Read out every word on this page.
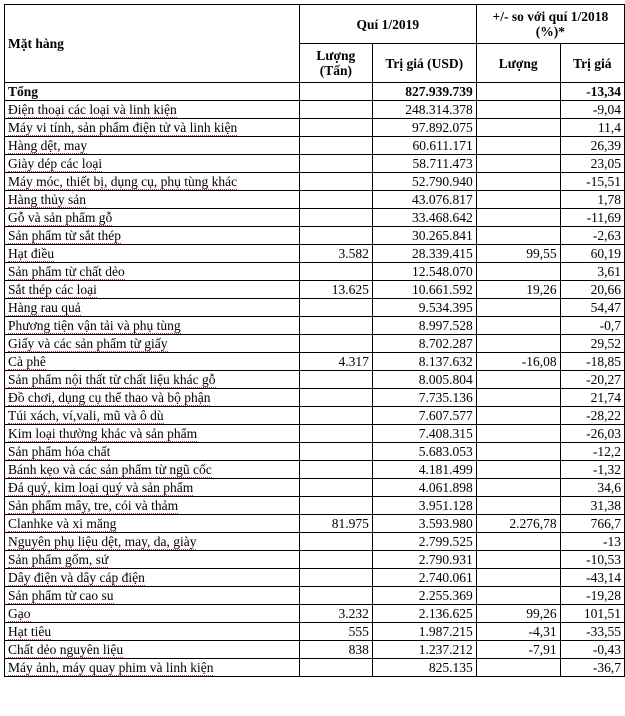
Mặt hàng	Quí 1/2019		+/- so với quí 1/2018 (%)*	
	Lượng (Tấn)	Trị giá (USD)	Lượng	Trị giá
Tổng		827.939.739		-13,34
Điện thoại các loại và linh kiện		248.314.378		-9,04
Máy vi tính, sản phẩm điện tử và linh kiện		97.892.075		11,4
Hàng dệt, may		60.611.171		26,39
Giày dép các loại		58.711.473		23,05
Máy móc, thiết bị, dụng cụ, phụ tùng khác		52.790.940		-15,51
Hàng thủy sản		43.076.817		1,78
Gỗ và sản phẩm gỗ		33.468.642		-11,69
Sản phẩm từ sắt thép		30.265.841		-2,63
Hạt điều	3.582	28.339.415	99,55	60,19
Sản phẩm từ chất dẻo		12.548.070		3,61
Sắt thép các loại	13.625	10.661.592	19,26	20,66
Hàng rau quả		9.534.395		54,47
Phương tiện vận tải và phụ tùng		8.997.528		-0,7
Giấy và các sản phẩm từ giấy		8.702.287		29,52
Cà phê	4.317	8.137.632	-16,08	-18,85
Sản phẩm nội thất từ chất liệu khác gỗ		8.005.804		-20,27
Đồ chơi, dụng cụ thể thao và bộ phận		7.735.136		21,74
Túi xách, ví,vali, mũ và ô dù		7.607.577		-28,22
Kim loại thường khác và sản phẩm		7.408.315		-26,03
Sản phẩm hóa chất		5.683.053		-12,2
Bánh kẹo và các sản phẩm từ ngũ cốc		4.181.499		-1,32
Đá quý, kim loại quý và sản phẩm		4.061.898		34,6
Sản phẩm mây, tre, cói và thảm		3.951.128		31,38
Clanhke và xi măng	81.975	3.593.980	2.276,78	766,7
Nguyên phụ liệu dệt, may, da, giày		2.799.525		-13
Sản phẩm gốm, sứ		2.790.931		-10,53
Dây điện và dây cáp điện		2.740.061		-43,14
Sản phẩm từ cao su		2.255.369		-19,28
Gạo	3.232	2.136.625	99,26	101,51
Hạt tiêu	555	1.987.215	-4,31	-33,55
Chất dẻo nguyên liệu	838	1.237.212	-7,91	-0,43
Máy ảnh, máy quay phim và linh kiện		825.135		-36,7
